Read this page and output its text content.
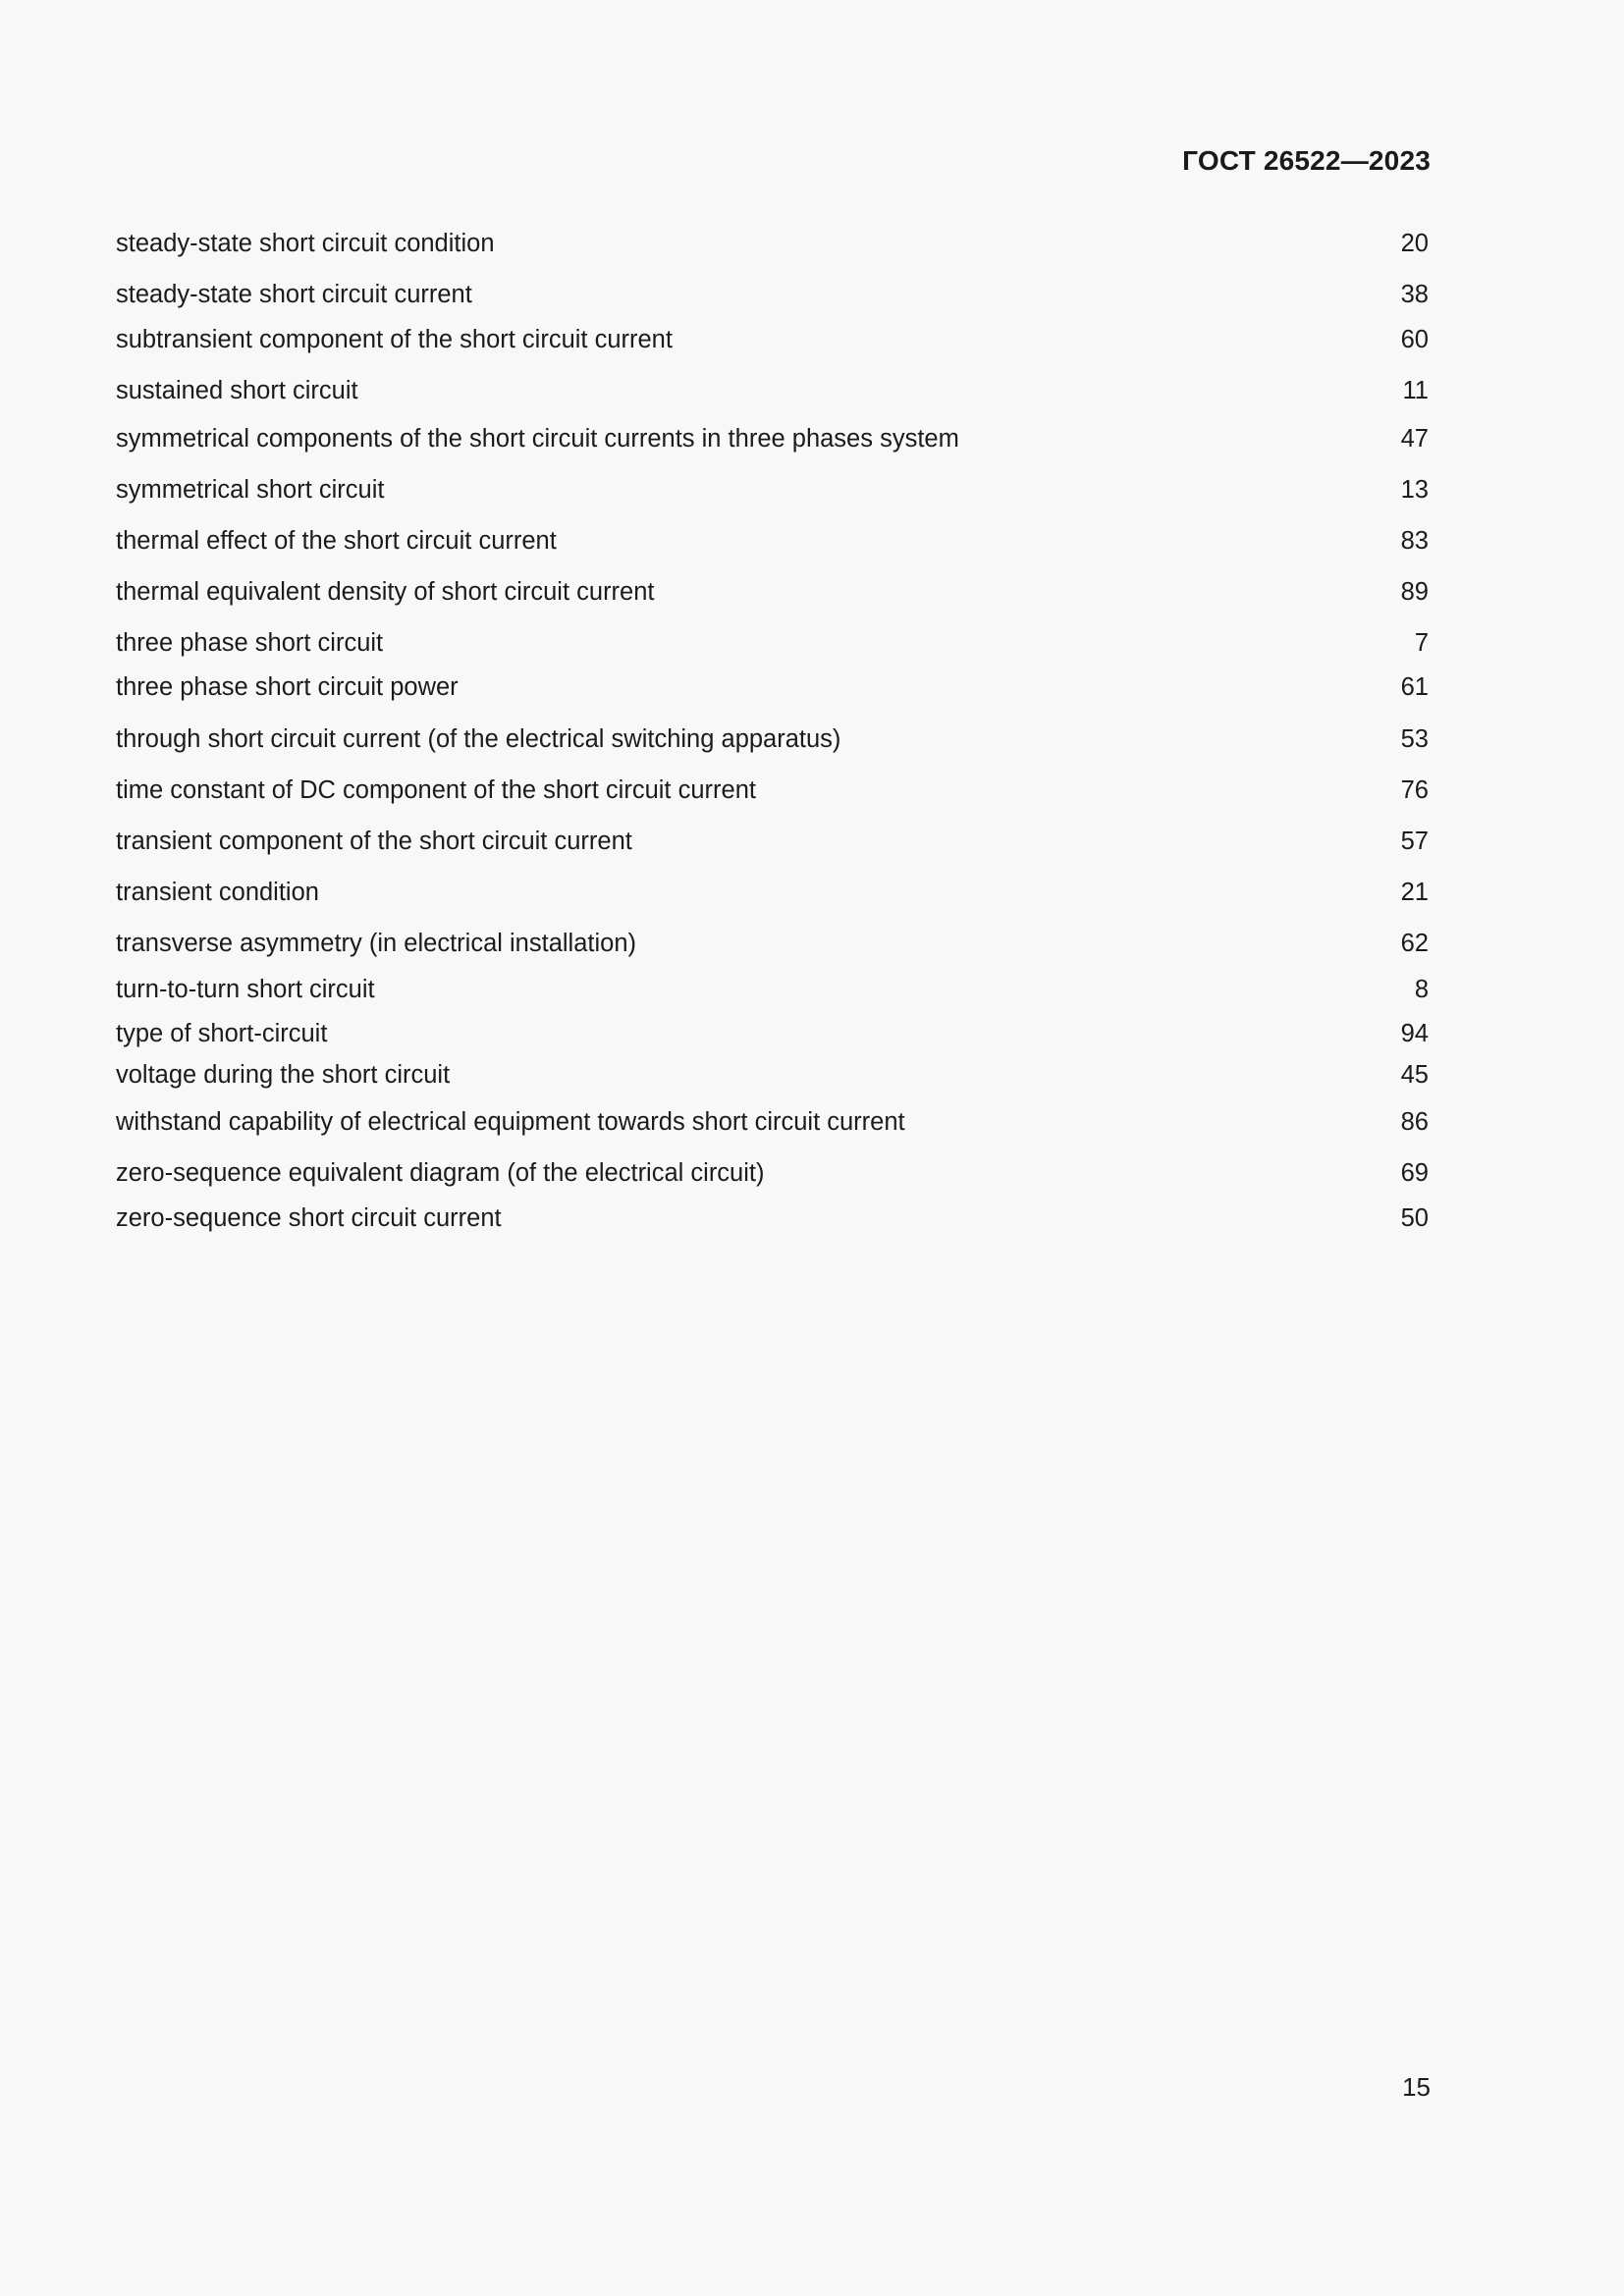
ГОСТ 26522—2023
steady-state short circuit condition	20
steady-state short circuit current	38
subtransient component of the short circuit current	60
sustained short circuit	11
symmetrical components of the short circuit currents in three phases system	47
symmetrical short circuit	13
thermal effect of the short circuit current	83
thermal equivalent density of short circuit current	89
three phase short circuit	7
three phase short circuit power	61
through short circuit current (of the electrical switching apparatus)	53
time constant of DC component of the short circuit current	76
transient component of the short circuit current	57
transient condition	21
transverse asymmetry (in electrical installation)	62
turn-to-turn short circuit	8
type of short-circuit	94
voltage during the short circuit	45
withstand capability of electrical equipment towards short circuit current	86
zero-sequence equivalent diagram (of the electrical circuit)	69
zero-sequence short circuit current	50
15
